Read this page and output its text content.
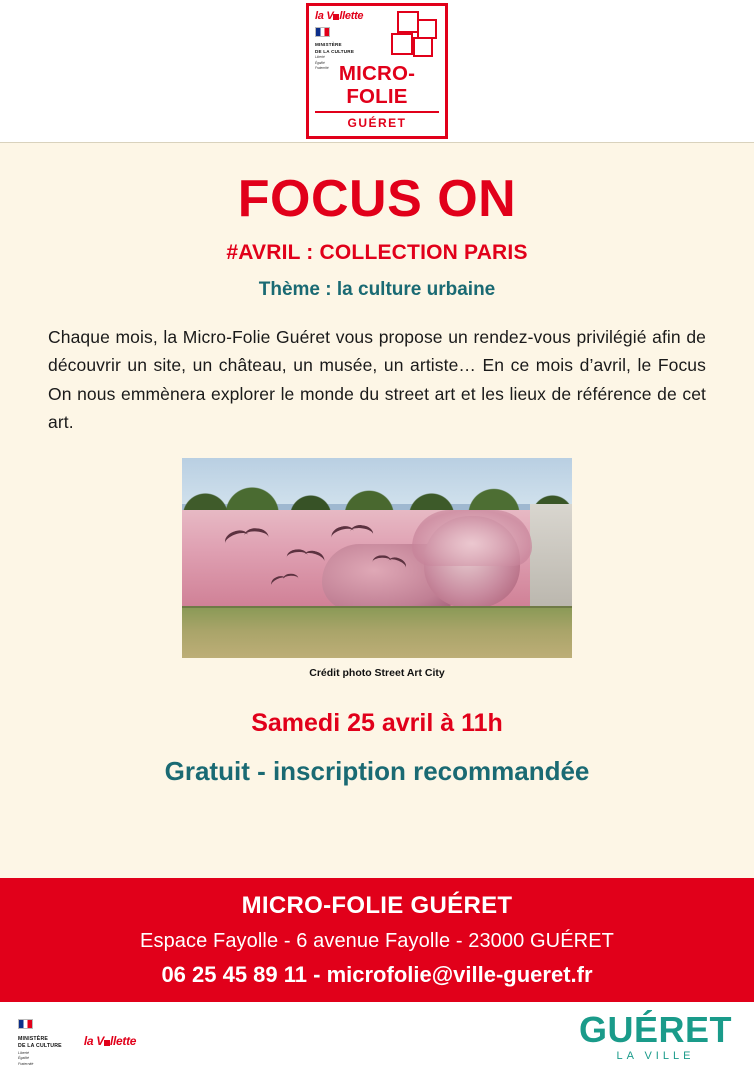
la V llette
MINISTÈRE
DE LA CULTURE
Liberté
Égalité
Fraternité MICRO-FOLIE
GUÉRET
FOCUS ON
#AVRIL : COLLECTION PARIS
Thème : la culture urbaine
Chaque mois, la Micro-Folie Guéret vous propose un rendez-vous privilégié afin de découvrir un site, un château, un musée, un artiste… En ce mois d’avril, le Focus On nous emmènera explorer le monde du street art et les lieux de référence de cet art.
Crédit photo Street Art City
Samedi 25 avril à 11h
Gratuit - inscription recommandée
MICRO-FOLIE GUÉRET
Espace Fayolle - 6 avenue Fayolle - 23000 GUÉRET
06 25 45 89 11 - microfolie@ville-gueret.fr
MINISTÈRE
DE LA CULTURE
Liberté
Égalité
Fraternité
la V llette	GUÉRET
LA VILLE
